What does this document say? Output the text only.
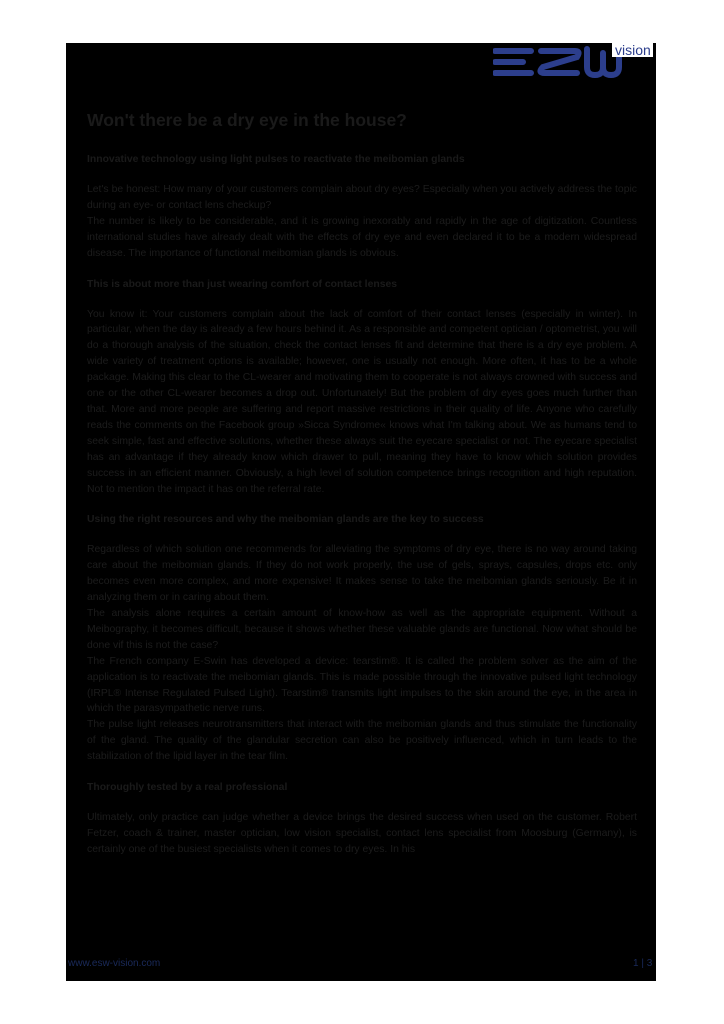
vision
Won't there be a dry eye in the house?
Innovative technology using light pulses to reactivate the meibomian glands
Let's be honest: How many of your customers complain about dry eyes? Especially when you actively address the topic during an eye- or contact lens checkup?
The number is likely to be considerable, and it is growing inexorably and rapidly in the age of digitization. Countless international studies have already dealt with the effects of dry eye and even declared it to be a modern widespread disease. The importance of functional meibomian glands is obvious.
This is about more than just wearing comfort of contact lenses
You know it: Your customers complain about the lack of comfort of their contact lenses (especially in winter). In particular, when the day is already a few hours behind it. As a responsible and competent optician / optometrist, you will do a thorough analysis of the situation, check the contact lenses fit and determine that there is a dry eye problem. A wide variety of treatment options is available; however, one is usually not enough. More often, it has to be a whole package. Making this clear to the CL-wearer and motivating them to cooperate is not always crowned with success and one or the other CL-wearer becomes a drop out. Unfortunately! But the problem of dry eyes goes much further than that. More and more people are suffering and report massive restrictions in their quality of life. Anyone who carefully reads the comments on the Facebook group »Sicca Syndrome« knows what I'm talking about. We as humans tend to seek simple, fast and effective solutions, whether these always suit the eyecare specialist or not. The eyecare specialist has an advantage if they already know which drawer to pull, meaning they have to know which solution provides success in an efficient manner. Obviously, a high level of solution competence brings recognition and high reputation. Not to mention the impact it has on the referral rate.
Using the right resources and why the meibomian glands are the key to success
Regardless of which solution one recommends for alleviating the symptoms of dry eye, there is no way around taking care about the meibomian glands. If they do not work properly, the use of gels, sprays, capsules, drops etc. only becomes even more complex, and more expensive! It makes sense to take the meibomian glands seriously. Be it in analyzing them or in caring about them.
The analysis alone requires a certain amount of know-how as well as the appropriate equipment. Without a Meibography, it becomes difficult, because it shows whether these valuable glands are functional. Now what should be done vif this is not the case?
The French company E-Swin has developed a device: tearstim®. It is called the problem solver as the aim of the application is to reactivate the meibomian glands. This is made possible through the innovative pulsed light technology (IRPL® Intense Regulated Pulsed Light). Tearstim® transmits light impulses to the skin around the eye, in the area in which the parasympathetic nerve runs.
The pulse light releases neurotransmitters that interact with the meibomian glands and thus stimulate the functionality of the gland. The quality of the glandular secretion can also be positively influenced, which in turn leads to the stabilization of the lipid layer in the tear film.
Thoroughly tested by a real professional
Ultimately, only practice can judge whether a device brings the desired success when used on the customer. Robert Fetzer, coach & trainer, master optician, low vision specialist, contact lens specialist from Moosburg (Germany), is certainly one of the busiest specialists when it comes to dry eyes. In his
www.esw-vision.com	1 | 3
